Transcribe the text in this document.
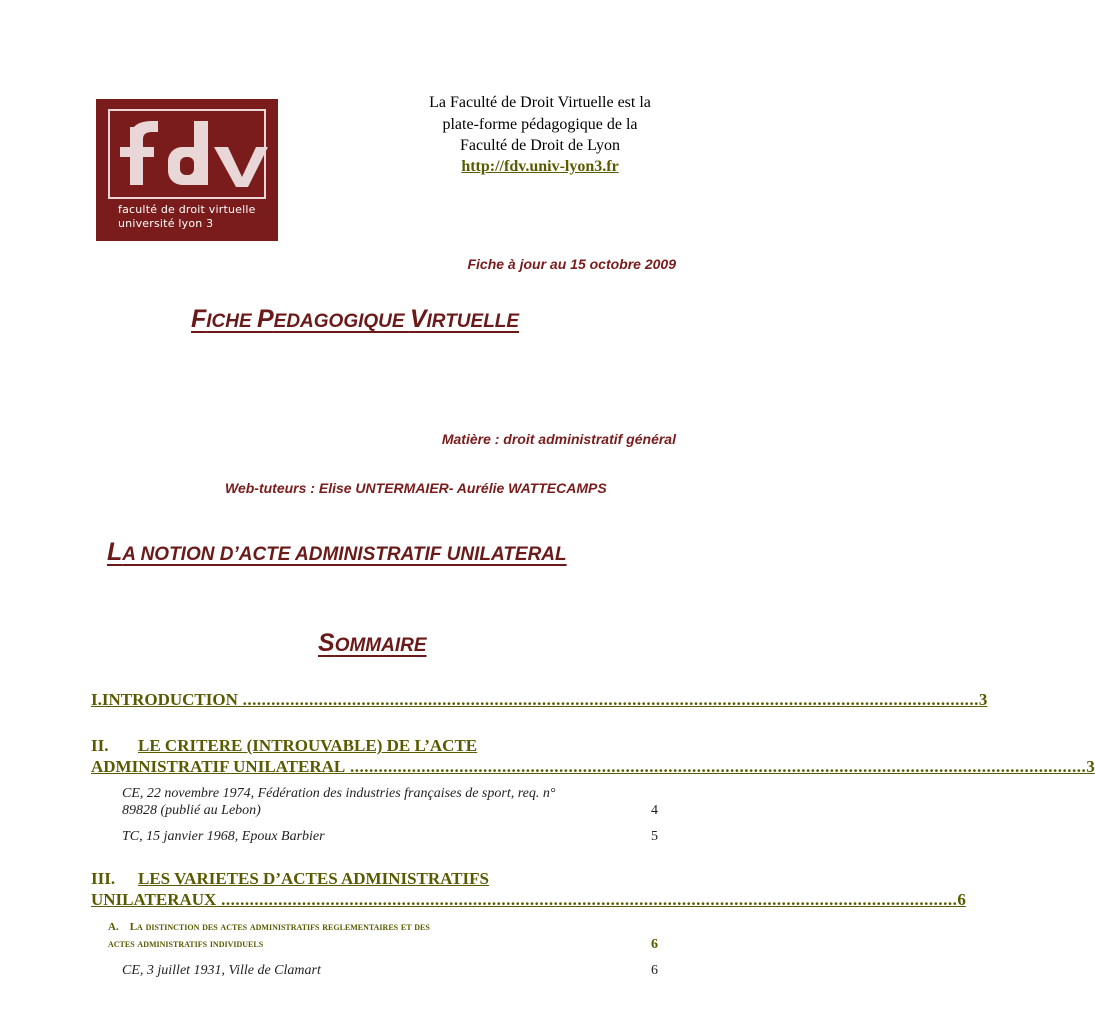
faculté de droit virtuelle
université lyon 3
La Faculté de Droit Virtuelle est la
plate-forme pédagogique de la
Faculté de Droit de Lyon
http://fdv.univ-lyon3.fr
Fiche à jour au 15 octobre 2009
FICHE PEDAGOGIQUE VIRTUELLE
Matière : droit administratif général
Web-tuteurs : Elise UNTERMAIER- Aurélie WATTECAMPS
LA NOTION D’ACTE ADMINISTRATIF UNILATERAL
SOMMAIRE
I.INTRODUCTION ........................................................................................................................................................... 3
II. LE CRITERE (INTROUVABLE) DE L’ACTE
ADMINISTRATIF UNILATERAL ........................................................................................................................................................... 3
CE, 22 novembre 1974, Fédération des industries françaises de sport, req. n°
89828 (publié au Lebon)	4
TC, 15 janvier 1968, Epoux Barbier	5
III. LES VARIETES D’ACTES ADMINISTRATIFS
UNILATERAUX ........................................................................................................................................................... 6
A. La distinction des actes administratifs reglementaires et des
actes administratifs individuels	6
CE, 3 juillet 1931, Ville de Clamart	6
